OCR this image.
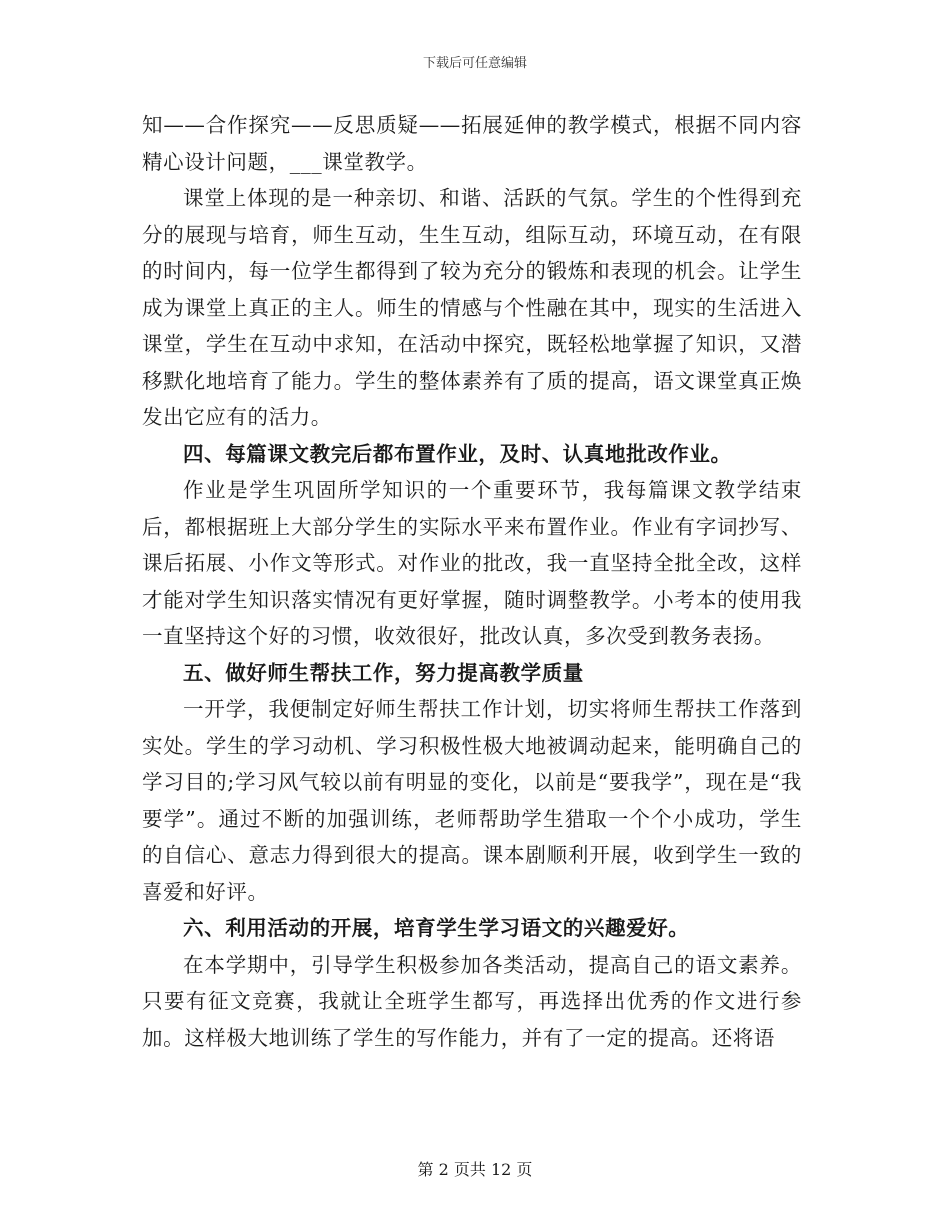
下载后可任意编辑

知——合作探究——反思质疑——拓展延伸的教学模式，根据不同内容精心设计问题，___课堂教学。

课堂上体现的是一种亲切、和谐、活跃的气氛。学生的个性得到充分的展现与培育，师生互动，生生互动，组际互动，环境互动，在有限的时间内，每一位学生都得到了较为充分的锻炼和表现的机会。让学生成为课堂上真正的主人。师生的情感与个性融在其中，现实的生活进入课堂，学生在互动中求知，在活动中探究，既轻松地掌握了知识，又潜移默化地培育了能力。学生的整体素养有了质的提高，语文课堂真正焕发出它应有的活力。

四、每篇课文教完后都布置作业，及时、认真地批改作业。

作业是学生巩固所学知识的一个重要环节，我每篇课文教学结束后，都根据班上大部分学生的实际水平来布置作业。作业有字词抄写、课后拓展、小作文等形式。对作业的批改，我一直坚持全批全改，这样才能对学生知识落实情况有更好掌握，随时调整教学。小考本的使用我一直坚持这个好的习惯，收效很好，批改认真，多次受到教务表扬。

五、做好师生帮扶工作，努力提高教学质量

一开学，我便制定好师生帮扶工作计划，切实将师生帮扶工作落到实处。学生的学习动机、学习积极性极大地被调动起来，能明确自己的学习目的;学习风气较以前有明显的变化，以前是“要我学”，现在是“我要学”。通过不断的加强训练，老师帮助学生猎取一个个小成功，学生的自信心、意志力得到很大的提高。课本剧顺利开展，收到学生一致的喜爱和好评。

六、利用活动的开展，培育学生学习语文的兴趣爱好。

在本学期中，引导学生积极参加各类活动，提高自己的语文素养。只要有征文竞赛，我就让全班学生都写，再选择出优秀的作文进行参加。这样极大地训练了学生的写作能力，并有了一定的提高。还将语

第 2 页共 12 页
